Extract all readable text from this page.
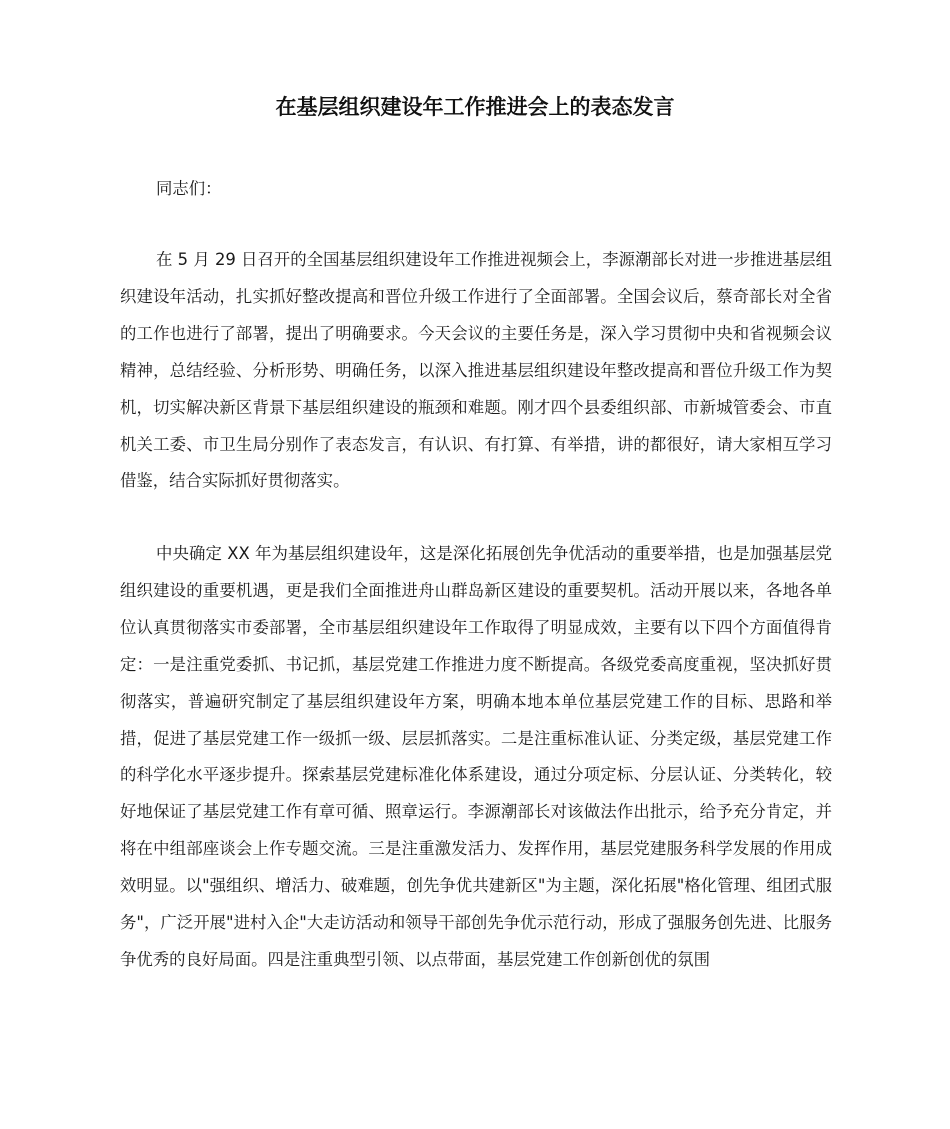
在基层组织建设年工作推进会上的表态发言

同志们：

在 5 月 29 日召开的全国基层组织建设年工作推进视频会上，李源潮部长对进一步推进基层组织建设年活动，扎实抓好整改提高和晋位升级工作进行了全面部署。全国会议后，蔡奇部长对全省的工作也进行了部署，提出了明确要求。今天会议的主要任务是，深入学习贯彻中央和省视频会议精神，总结经验、分析形势、明确任务，以深入推进基层组织建设年整改提高和晋位升级工作为契机，切实解决新区背景下基层组织建设的瓶颈和难题。刚才四个县委组织部、市新城管委会、市直机关工委、市卫生局分别作了表态发言，有认识、有打算、有举措，讲的都很好，请大家相互学习借鉴，结合实际抓好贯彻落实。

中央确定 XX 年为基层组织建设年，这是深化拓展创先争优活动的重要举措，也是加强基层党组织建设的重要机遇，更是我们全面推进舟山群岛新区建设的重要契机。活动开展以来，各地各单位认真贯彻落实市委部署，全市基层组织建设年工作取得了明显成效，主要有以下四个方面值得肯定：一是注重党委抓、书记抓，基层党建工作推进力度不断提高。各级党委高度重视，坚决抓好贯彻落实，普遍研究制定了基层组织建设年方案，明确本地本单位基层党建工作的目标、思路和举措，促进了基层党建工作一级抓一级、层层抓落实。二是注重标准认证、分类定级，基层党建工作的科学化水平逐步提升。探索基层党建标准化体系建设，通过分项定标、分层认证、分类转化，较好地保证了基层党建工作有章可循、照章运行。李源潮部长对该做法作出批示，给予充分肯定，并将在中组部座谈会上作专题交流。三是注重激发活力、发挥作用，基层党建服务科学发展的作用成效明显。以"强组织、增活力、破难题，创先争优共建新区"为主题，深化拓展"格化管理、组团式服务"，广泛开展"进村入企"大走访活动和领导干部创先争优示范行动，形成了强服务创先进、比服务争优秀的良好局面。四是注重典型引领、以点带面，基层党建工作创新创优的氛围
